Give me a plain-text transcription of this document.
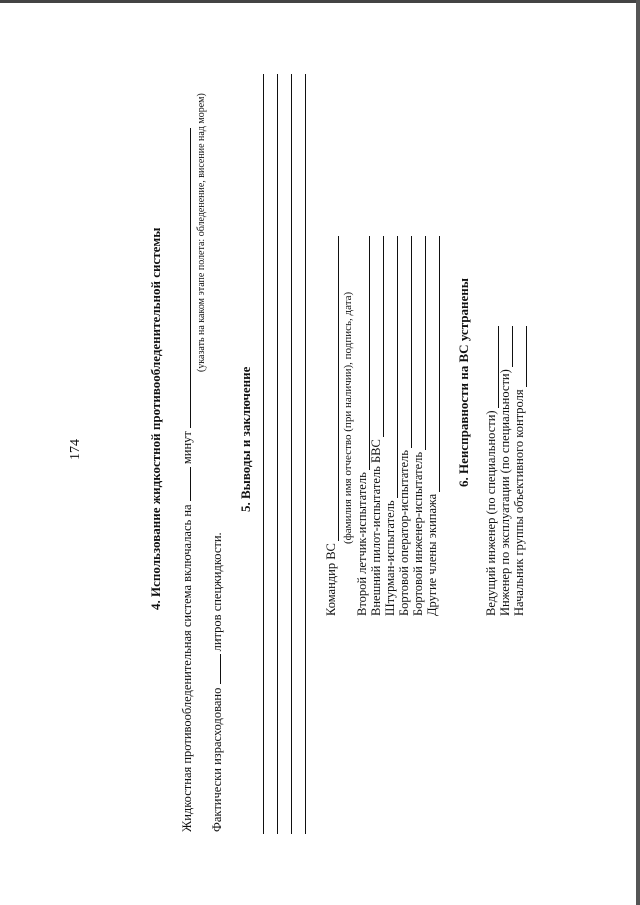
174	4. Использование жидкостной противообледенительной системы
Жидкостная противообледенительная система включалась на  минут
(указать на каком этапе полета: обледенение, висение над морем)
Фактически израсходовано  литров спецжидкости.
5. Выводы и заключение
Командир ВС
(фамилия имя отчество (при наличии), подпись, дата)
Второй летчик-испытатель Внешний пилот-испытатель БВС Штурман-испытатель Бортовой оператор-испытатель Бортовой инженер-испытатель Другие члены экипажа
6. Неисправности на ВС устранены
Ведущий инженер (по специальности) Инженер по эксплуатации (по специальности) Начальник группы объективного контроля
